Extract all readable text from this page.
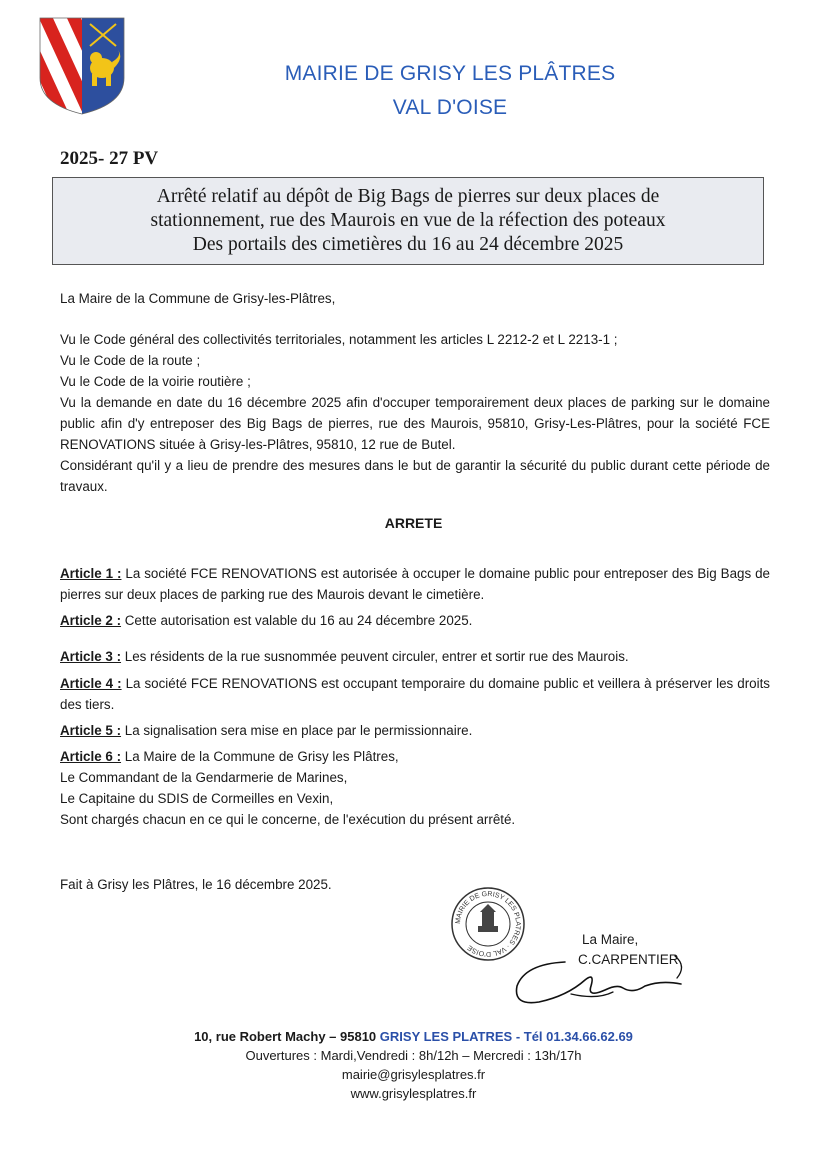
MAIRIE DE GRISY LES PLÂTRES
VAL D'OISE
2025- 27 PV
Arrêté relatif au dépôt de Big Bags de pierres sur deux places de
stationnement, rue des Maurois en vue de la réfection des poteaux
Des portails des cimetières du 16 au 24 décembre 2025
La Maire de la Commune de Grisy-les-Plâtres,
Vu le Code général des collectivités territoriales, notamment les articles L 2212-2 et L 2213-1 ;
Vu le Code de la route ;
Vu le Code de la voirie routière ;
Vu la demande en date du 16 décembre 2025 afin d'occuper temporairement deux places de parking sur le domaine public afin d'y entreposer des Big Bags de pierres, rue des Maurois, 95810, Grisy-Les-Plâtres, pour la société FCE RENOVATIONS située à Grisy-les-Plâtres, 95810, 12 rue de Butel.
Considérant qu'il y a lieu de prendre des mesures dans le but de garantir la sécurité du public durant cette période de travaux.
ARRETE
Article 1 : La société FCE RENOVATIONS est autorisée à occuper le domaine public pour entreposer des Big Bags de pierres sur deux places de parking rue des Maurois devant le cimetière.
Article 2 : Cette autorisation est valable du 16 au 24 décembre 2025.
Article 3 : Les résidents de la rue susnommée peuvent circuler, entrer et sortir rue des Maurois.
Article 4 : La société FCE RENOVATIONS est occupant temporaire du domaine public et veillera à préserver les droits des tiers.
Article 5 : La signalisation sera mise en place par le permissionnaire.
Article 6 : La Maire de la Commune de Grisy les Plâtres,
Le Commandant de la Gendarmerie de Marines,
Le Capitaine du SDIS de Cormeilles en Vexin,
Sont chargés chacun en ce qui le concerne, de l'exécution du présent arrêté.
Fait à Grisy les Plâtres, le 16 décembre 2025.
MAIRIE DE GRISY LES PLATRES · VAL D'OISE
La Maire,
C.CARPENTIER
10, rue Robert Machy – 95810 GRISY LES PLATRES - Tél 01.34.66.62.69
Ouvertures : Mardi,Vendredi : 8h/12h – Mercredi : 13h/17h
mairie@grisylesplatres.fr
www.grisylesplatres.fr
